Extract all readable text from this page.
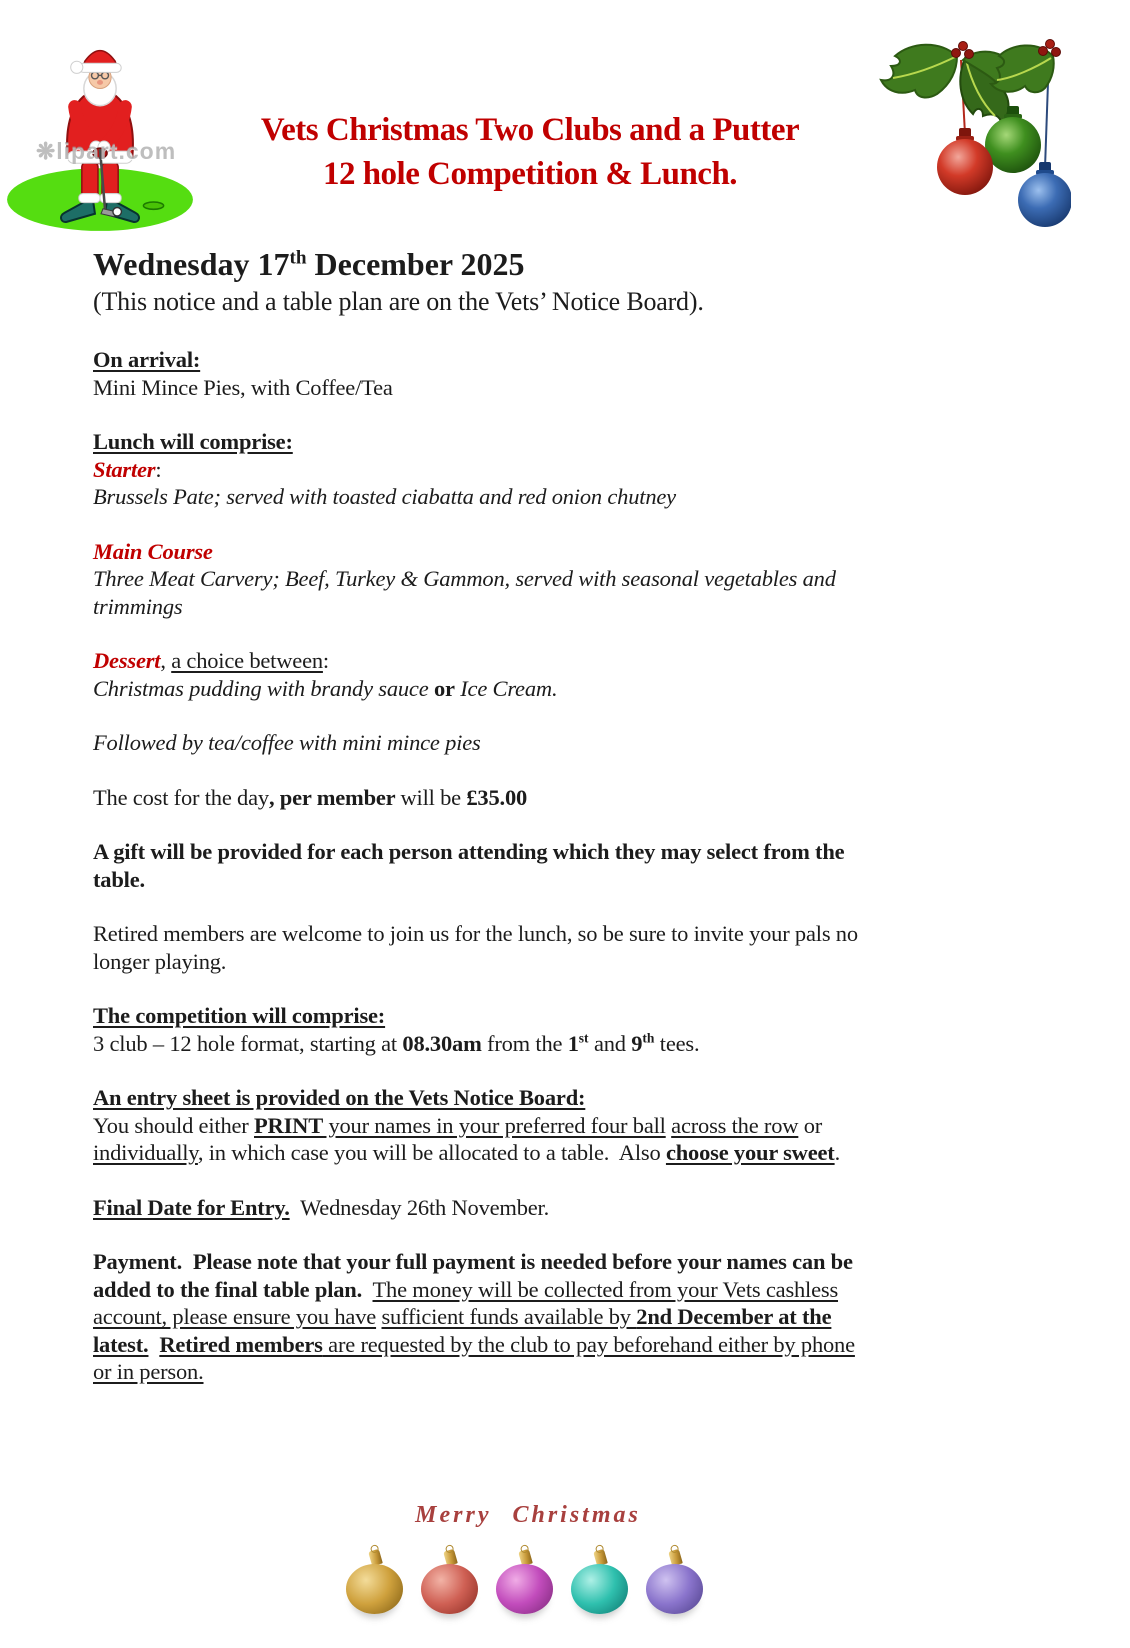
❋lipart.com
Vets Christmas Two Clubs and a Putter
12 hole Competition & Lunch.
Wednesday 17th December 2025
(This notice and a table plan are on the Vets’ Notice Board).
On arrival:
Mini Mince Pies, with Coffee/Tea
Lunch will comprise:
Starter:
Brussels Pate; served with toasted ciabatta and red onion chutney
Main Course
Three Meat Carvery; Beef, Turkey & Gammon, served with seasonal vegetables and
trimmings
Dessert, a choice between:
Christmas pudding with brandy sauce or Ice Cream.
Followed by tea/coffee with mini mince pies
The cost for the day, per member will be £35.00
A gift will be provided for each person attending which they may select from the
table.
Retired members are welcome to join us for the lunch, so be sure to invite your pals no
longer playing.
The competition will comprise:
3 club – 12 hole format, starting at 08.30am from the 1st and 9th tees.
An entry sheet is provided on the Vets Notice Board:
You should either PRINT your names in your preferred four ball across the row or
individually, in which case you will be allocated to a table.  Also choose your sweet.
Final Date for Entry.  Wednesday 26th November.
Payment.  Please note that your full payment is needed before your names can be
added to the final table plan. The money will be collected from your Vets cashless
account, please ensure you have sufficient funds available by 2nd December at the
latest. Retired members are requested by the club to pay beforehand either by phone
or in person.
Merry Christmas
